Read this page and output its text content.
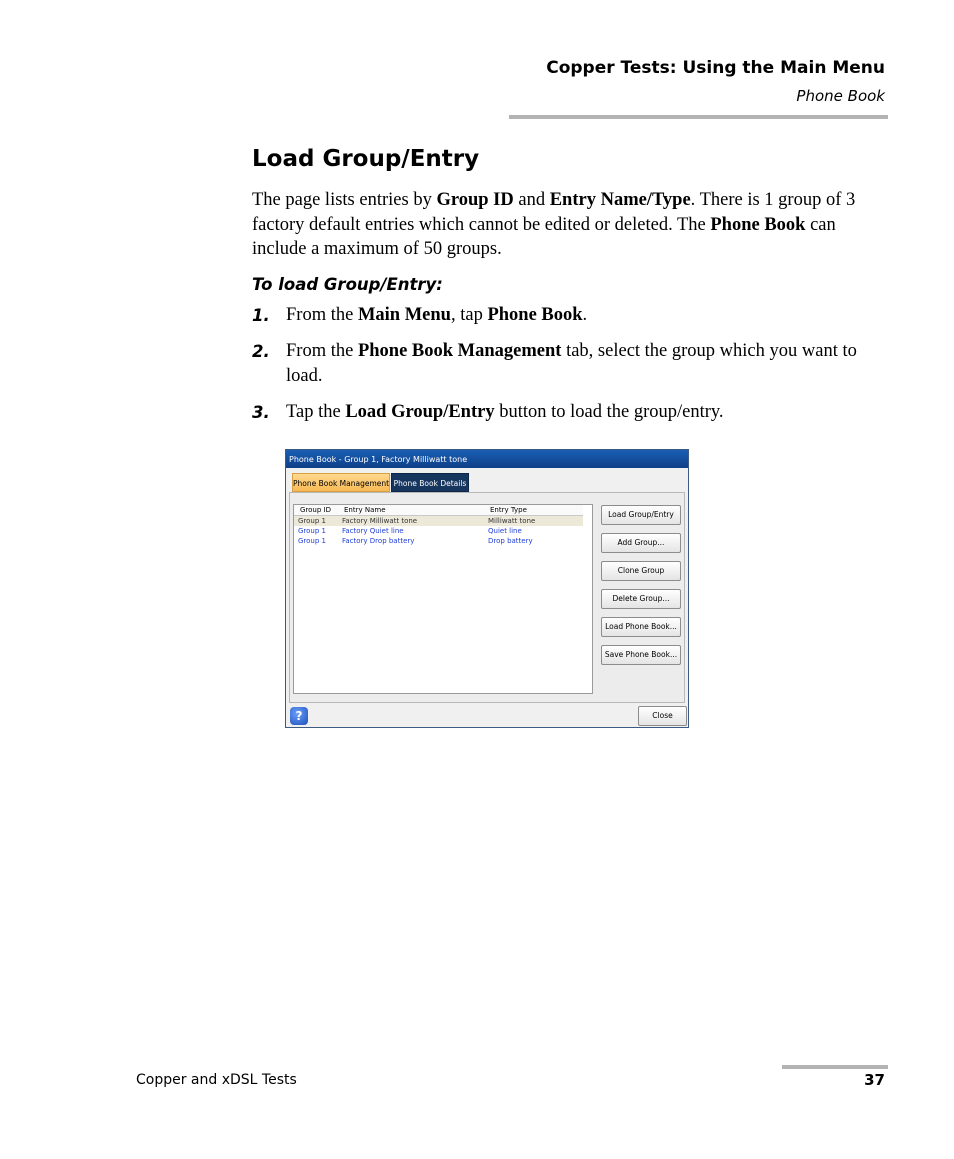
Copper Tests: Using the Main Menu
Phone Book
Load Group/Entry
The page lists entries by Group ID and Entry Name/Type. There is 1 group of 3 factory default entries which cannot be edited or deleted. The Phone Book can include a maximum of 50 groups.
To load Group/Entry:
1. From the Main Menu, tap Phone Book.
2. From the Phone Book Management tab, select the group which you want to load.
3. Tap the Load Group/Entry button to load the group/entry.
Phone Book - Group 1, Factory Milliwatt tone
Phone Book Management Phone Book Details
Group ID Entry Name	Entry Type
Group 1 Factory Milliwatt tone	Milliwatt tone
Group 1 Factory Quiet line	Quiet line
Group 1 Factory Drop battery	Drop battery
Load Group/Entry
Add Group...
Clone Group
Delete Group...
Load Phone Book...
Save Phone Book...
?	Close
Copper and xDSL Tests	37
